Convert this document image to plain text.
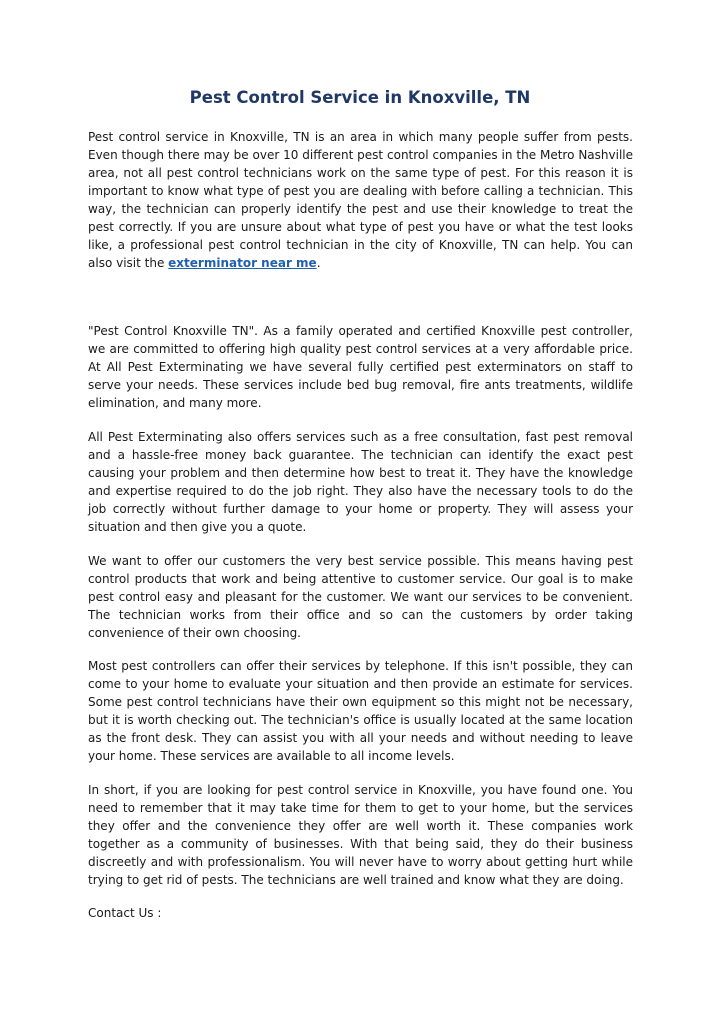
Pest Control Service in Knoxville, TN

Pest control service in Knoxville, TN is an area in which many people suffer from pests. Even though there may be over 10 different pest control companies in the Metro Nashville area, not all pest control technicians work on the same type of pest. For this reason it is important to know what type of pest you are dealing with before calling a technician. This way, the technician can properly identify the pest and use their knowledge to treat the pest correctly. If you are unsure about what type of pest you have or what the test looks like, a professional pest control technician in the city of Knoxville, TN can help. You can also visit the exterminator near me.

"Pest Control Knoxville TN". As a family operated and certified Knoxville pest controller, we are committed to offering high quality pest control services at a very affordable price. At All Pest Exterminating we have several fully certified pest exterminators on staff to serve your needs. These services include bed bug removal, fire ants treatments, wildlife elimination, and many more.

All Pest Exterminating also offers services such as a free consultation, fast pest removal and a hassle-free money back guarantee. The technician can identify the exact pest causing your problem and then determine how best to treat it. They have the knowledge and expertise required to do the job right. They also have the necessary tools to do the job correctly without further damage to your home or property. They will assess your situation and then give you a quote.

We want to offer our customers the very best service possible. This means having pest control products that work and being attentive to customer service. Our goal is to make pest control easy and pleasant for the customer. We want our services to be convenient. The technician works from their office and so can the customers by order taking convenience of their own choosing.

Most pest controllers can offer their services by telephone. If this isn't possible, they can come to your home to evaluate your situation and then provide an estimate for services. Some pest control technicians have their own equipment so this might not be necessary, but it is worth checking out. The technician's office is usually located at the same location as the front desk. They can assist you with all your needs and without needing to leave your home. These services are available to all income levels.

In short, if you are looking for pest control service in Knoxville, you have found one. You need to remember that it may take time for them to get to your home, but the services they offer and the convenience they offer are well worth it. These companies work together as a community of businesses. With that being said, they do their business discreetly and with professionalism. You will never have to worry about getting hurt while trying to get rid of pests. The technicians are well trained and know what they are doing.

Contact Us :
